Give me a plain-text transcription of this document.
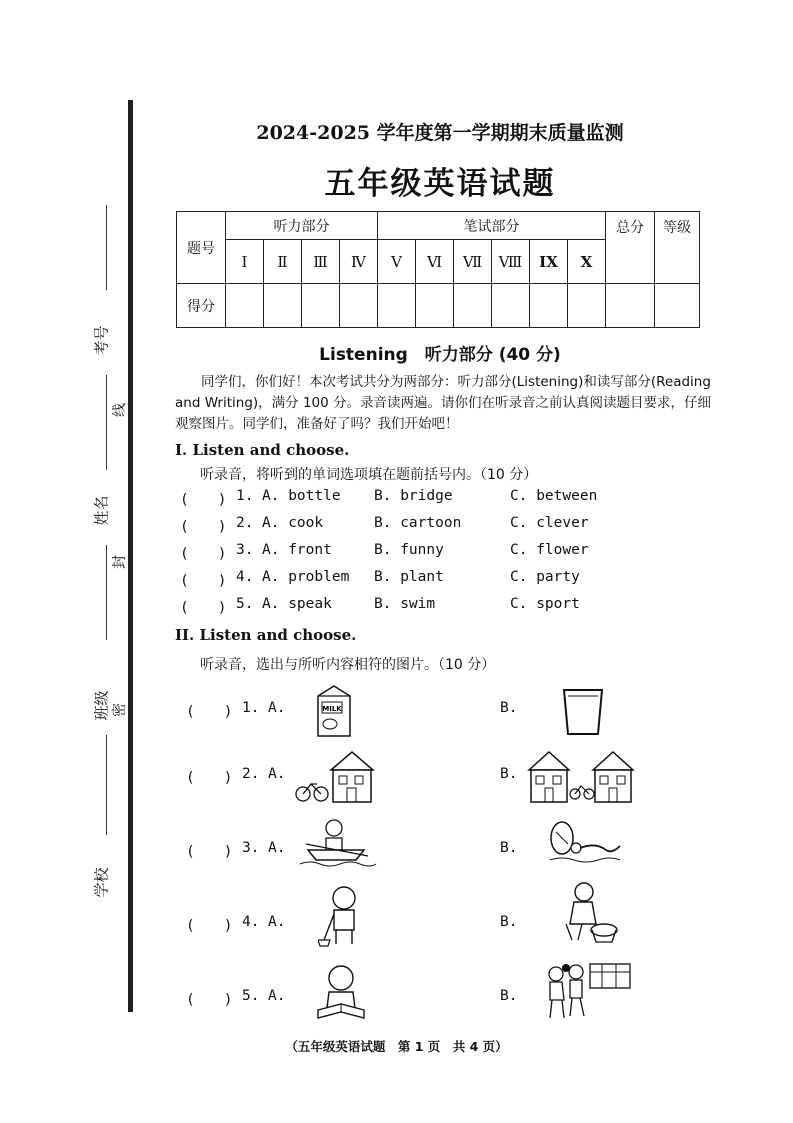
考号
姓名
班级
学校
线
封
密
2024-2025 学年度第一学期期末质量监测
五年级英语试题
题号	听力部分				笔试部分						总分	等级
	Ⅰ	Ⅱ	Ⅲ	Ⅳ	Ⅴ	Ⅵ	Ⅶ	Ⅷ	IX	X		
得分												
Listening　听力部分 (40 分)
同学们，你们好！本次考试共分为两部分：听力部分(Listening)和读写部分(Reading and Writing)，满分 100 分。录音读两遍。请你们在听录音之前认真阅读题目要求，仔细观察图片。同学们，准备好了吗？我们开始吧！
I. Listen and choose.
听录音，将听到的单词选项填在题前括号内。（10 分）
(　　) 1. A. bottle B. bridge	C. between
(　　) 2. A. cook	B. cartoon	C. clever
(　　) 3. A. front	B. funny	C. flower
(　　) 4. A. problem B. plant	C. party
(　　) 5. A. speak	B. swim	C. sport
II. Listen and choose.
听录音，选出与所听内容相符的图片。（10 分）
(　　) 1. A.	B.
MILK
(　　) 2. A.	B.
(　　) 3. A.	B.
(　　) 4. A.	B.
(　　) 5. A.	B.
（五年级英语试题　第 1 页　共 4 页）
